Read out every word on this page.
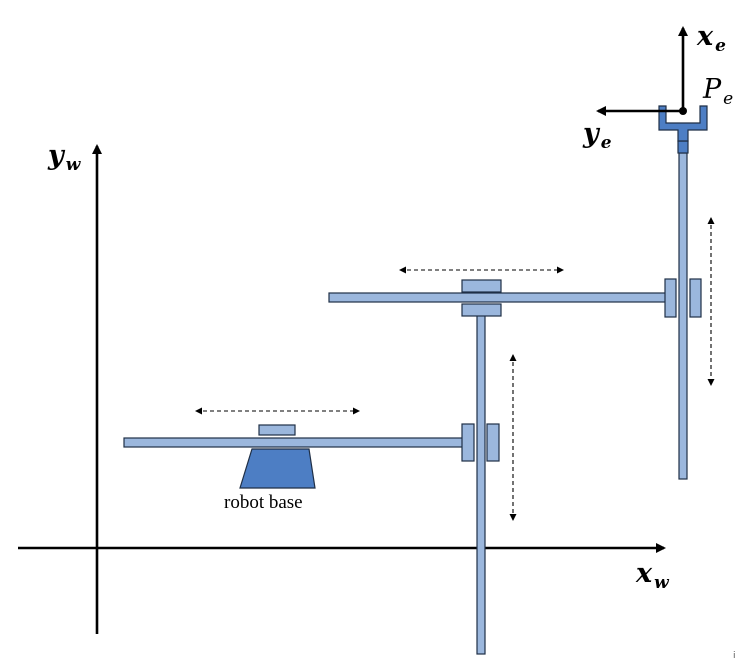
y $_w$
x $_w$
robot base
x $_e$
y $_e$
P $_e$
i
